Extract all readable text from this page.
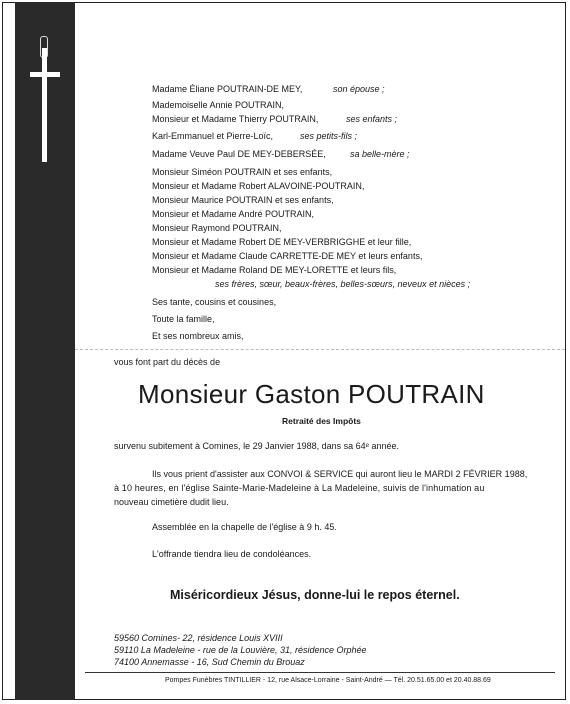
Madame Éliane POUTRAIN-DE MEY,	son épouse ;
Mademoiselle Annie POUTRAIN,
Monsieur et Madame Thierry POUTRAIN,	ses enfants ;
Karl-Emmanuel et Pierre-Loïc,	ses petits-fils ;
Madame Veuve Paul DE MEY-DEBERSÉE,	sa belle-mère ;
Monsieur Siméon POUTRAIN et ses enfants,
Monsieur et Madame Robert ALAVOINE-POUTRAIN,
Monsieur Maurice POUTRAIN et ses enfants,
Monsieur et Madame André POUTRAIN,
Monsieur Raymond POUTRAIN,
Monsieur et Madame Robert DE MEY-VERBRIGGHE et leur fille,
Monsieur et Madame Claude CARRETTE-DE MEY et leurs enfants,
Monsieur et Madame Roland DE MEY-LORETTE et leurs fils,
ses frères, sœur, beaux-frères, belles-sœurs, neveux et nièces ;
Ses tante, cousins et cousines,
Toute la famille,
Et ses nombreux amis,
vous font part du décès de
Monsieur Gaston POUTRAIN
Retraité des Impôts
survenu subitement à Comines, le 29 Janvier 1988, dans sa 64ᵉ année.
Ils vous prient d'assister aux CONVOI & SERVICE qui auront lieu le MARDI 2 FÉVRIER 1988,
à 10 heures, en l'église Sainte-Marie-Madeleine à La Madeleine, suivis de l'inhumation au
nouveau cimetière dudit lieu.
Assemblée en la chapelle de l'église à 9 h. 45.
L'offrande tiendra lieu de condoléances.
Miséricordieux Jésus, donne-lui le repos éternel.
59560 Comines- 22, résidence Louis XVIII
59110 La Madeleine - rue de la Louvière, 31, résidence Orphée
74100 Annemasse - 16, Sud Chemin du Brouaz
Pompes Funèbres TINTILLIER - 12, rue Alsace-Lorraine - Saint-André — Tél. 20.51.65.00 et 20.40.88.69
